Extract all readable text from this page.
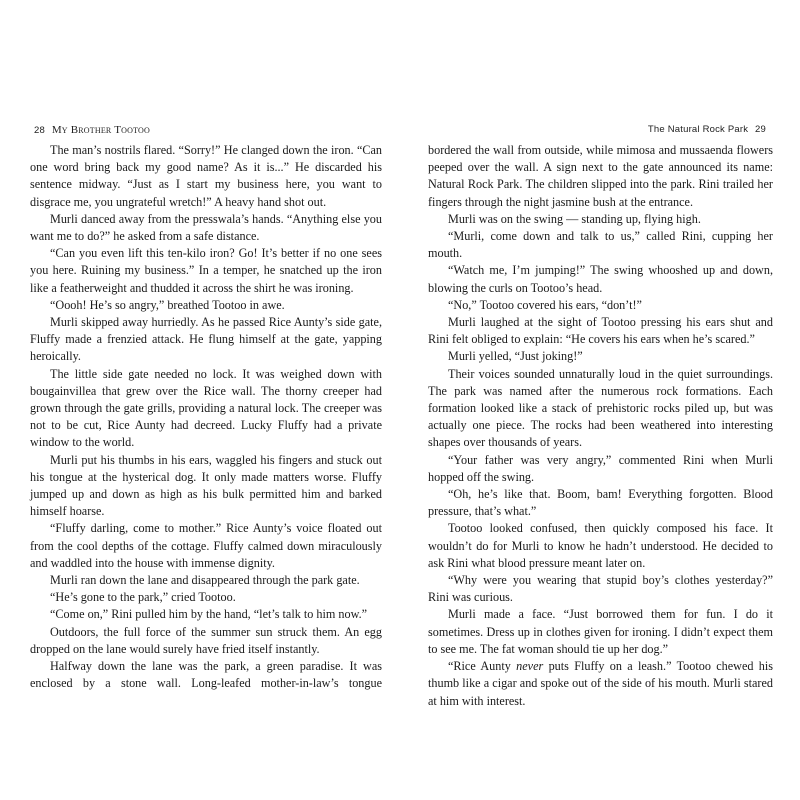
28 My Brother Tootoo	The Natural Rock Park 29

The man’s nostrils flared. “Sorry!” He clanged down the iron. “Can one word bring back my good name? As it is...” He discarded his sentence midway. “Just as I start my business here, you want to disgrace me, you ungrateful wretch!” A heavy hand shot out.

Murli danced away from the presswala’s hands. “Anything else you want me to do?” he asked from a safe distance.

“Can you even lift this ten-kilo iron? Go! It’s better if no one sees you here. Ruining my business.” In a temper, he snatched up the iron like a featherweight and thudded it across the shirt he was ironing.

“Oooh! He’s so angry,” breathed Tootoo in awe.

Murli skipped away hurriedly. As he passed Rice Aunty’s side gate, Fluffy made a frenzied attack. He flung himself at the gate, yapping heroically.

The little side gate needed no lock. It was weighed down with bougainvillea that grew over the Rice wall. The thorny creeper had grown through the gate grills, providing a natural lock. The creeper was not to be cut, Rice Aunty had decreed. Lucky Fluffy had a private window to the world.

Murli put his thumbs in his ears, waggled his fingers and stuck out his tongue at the hysterical dog. It only made matters worse. Fluffy jumped up and down as high as his bulk permitted him and barked himself hoarse.

“Fluffy darling, come to mother.” Rice Aunty’s voice floated out from the cool depths of the cottage. Fluffy calmed down miraculously and waddled into the house with immense dignity.

Murli ran down the lane and disappeared through the park gate.

“He’s gone to the park,” cried Tootoo.

“Come on,” Rini pulled him by the hand, “let’s talk to him now.”

Outdoors, the full force of the summer sun struck them. An egg dropped on the lane would surely have fried itself instantly.

Halfway down the lane was the park, a green paradise. It was enclosed by a stone wall. Long-leafed mother-in-law’s tongue

bordered the wall from outside, while mimosa and mussaenda flowers peeped over the wall. A sign next to the gate announced its name: Natural Rock Park. The children slipped into the park. Rini trailed her fingers through the night jasmine bush at the entrance.

Murli was on the swing — standing up, flying high.

“Murli, come down and talk to us,” called Rini, cupping her mouth.

“Watch me, I’m jumping!” The swing whooshed up and down, blowing the curls on Tootoo’s head.

“No,” Tootoo covered his ears, “don’t!”

Murli laughed at the sight of Tootoo pressing his ears shut and Rini felt obliged to explain: “He covers his ears when he’s scared.”

Murli yelled, “Just joking!”

Their voices sounded unnaturally loud in the quiet surroundings. The park was named after the numerous rock formations. Each formation looked like a stack of prehistoric rocks piled up, but was actually one piece. The rocks had been weathered into interesting shapes over thousands of years.

“Your father was very angry,” commented Rini when Murli hopped off the swing.

“Oh, he’s like that. Boom, bam! Everything forgotten. Blood pressure, that’s what.”

Tootoo looked confused, then quickly composed his face. It wouldn’t do for Murli to know he hadn’t understood. He decided to ask Rini what blood pressure meant later on.

“Why were you wearing that stupid boy’s clothes yesterday?” Rini was curious.

Murli made a face. “Just borrowed them for fun. I do it sometimes. Dress up in clothes given for ironing. I didn’t expect them to see me. The fat woman should tie up her dog.”

“Rice Aunty never puts Fluffy on a leash.” Tootoo chewed his thumb like a cigar and spoke out of the side of his mouth. Murli stared at him with interest.
